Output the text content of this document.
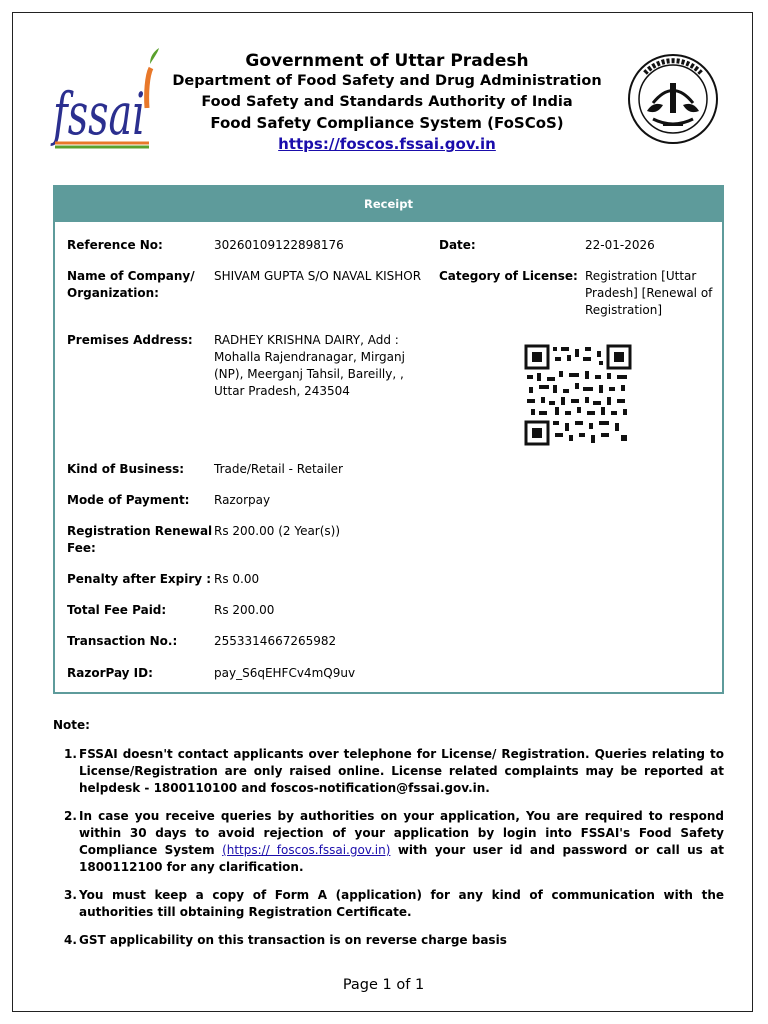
fssai
Government of Uttar Pradesh
Department of Food Safety and Drug Administration
Food Safety and Standards Authority of India
Food Safety Compliance System (FoSCoS)
https://foscos.fssai.gov.in
Receipt
Reference No:	30260109122898176	Date:	22-01-2026
Name of Company/
Organization:
SHIVAM GUPTA S/O NAVAL KISHOR Category of License: Registration [Uttar
Pradesh] [Renewal of
Registration]
Premises Address: RADHEY KRISHNA DAIRY, Add :
Mohalla Rajendranagar, Mirganj
(NP), Meerganj Tahsil, Bareilly, ,
Uttar Pradesh, 243504
Kind of Business: Trade/Retail - Retailer
Mode of Payment: Razorpay
Registration Renewal
Fee:
Rs 200.00 (2 Year(s))
Penalty after Expiry : Rs 0.00
Total Fee Paid:	Rs 200.00
Transaction No.:	2553314667265982
RazorPay ID:	pay_S6qEHFCv4mQ9uv
Note:
1. FSSAI doesn't contact applicants over telephone for License/ Registration. Queries relating to License/Registration are only raised online. License related complaints may be reported at helpdesk - 1800110100 and foscos-notification@fssai.gov.in.
2. In case you receive queries by authorities on your application, You are required to respond within 30 days to avoid rejection of your application by login into FSSAI's Food Safety Compliance System (https:// foscos.fssai.gov.in) with your user id and password or call us at 1800112100 for any clarification.
3. You must keep a copy of Form A (application) for any kind of communication with the authorities till obtaining Registration Certificate.
4. GST applicability on this transaction is on reverse charge basis
Page 1 of 1
